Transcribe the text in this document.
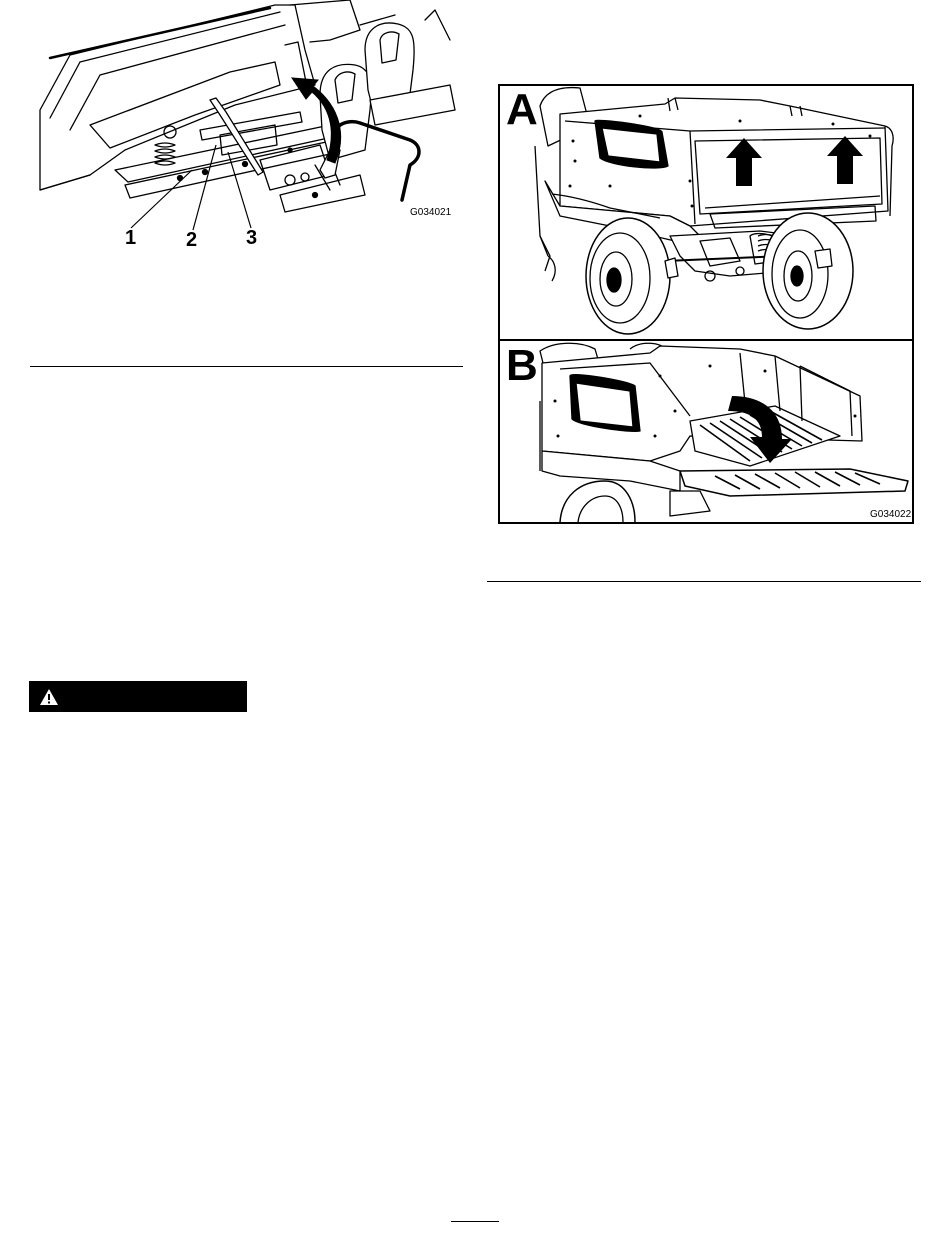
G034021
1 2 3
A
B
G034022
